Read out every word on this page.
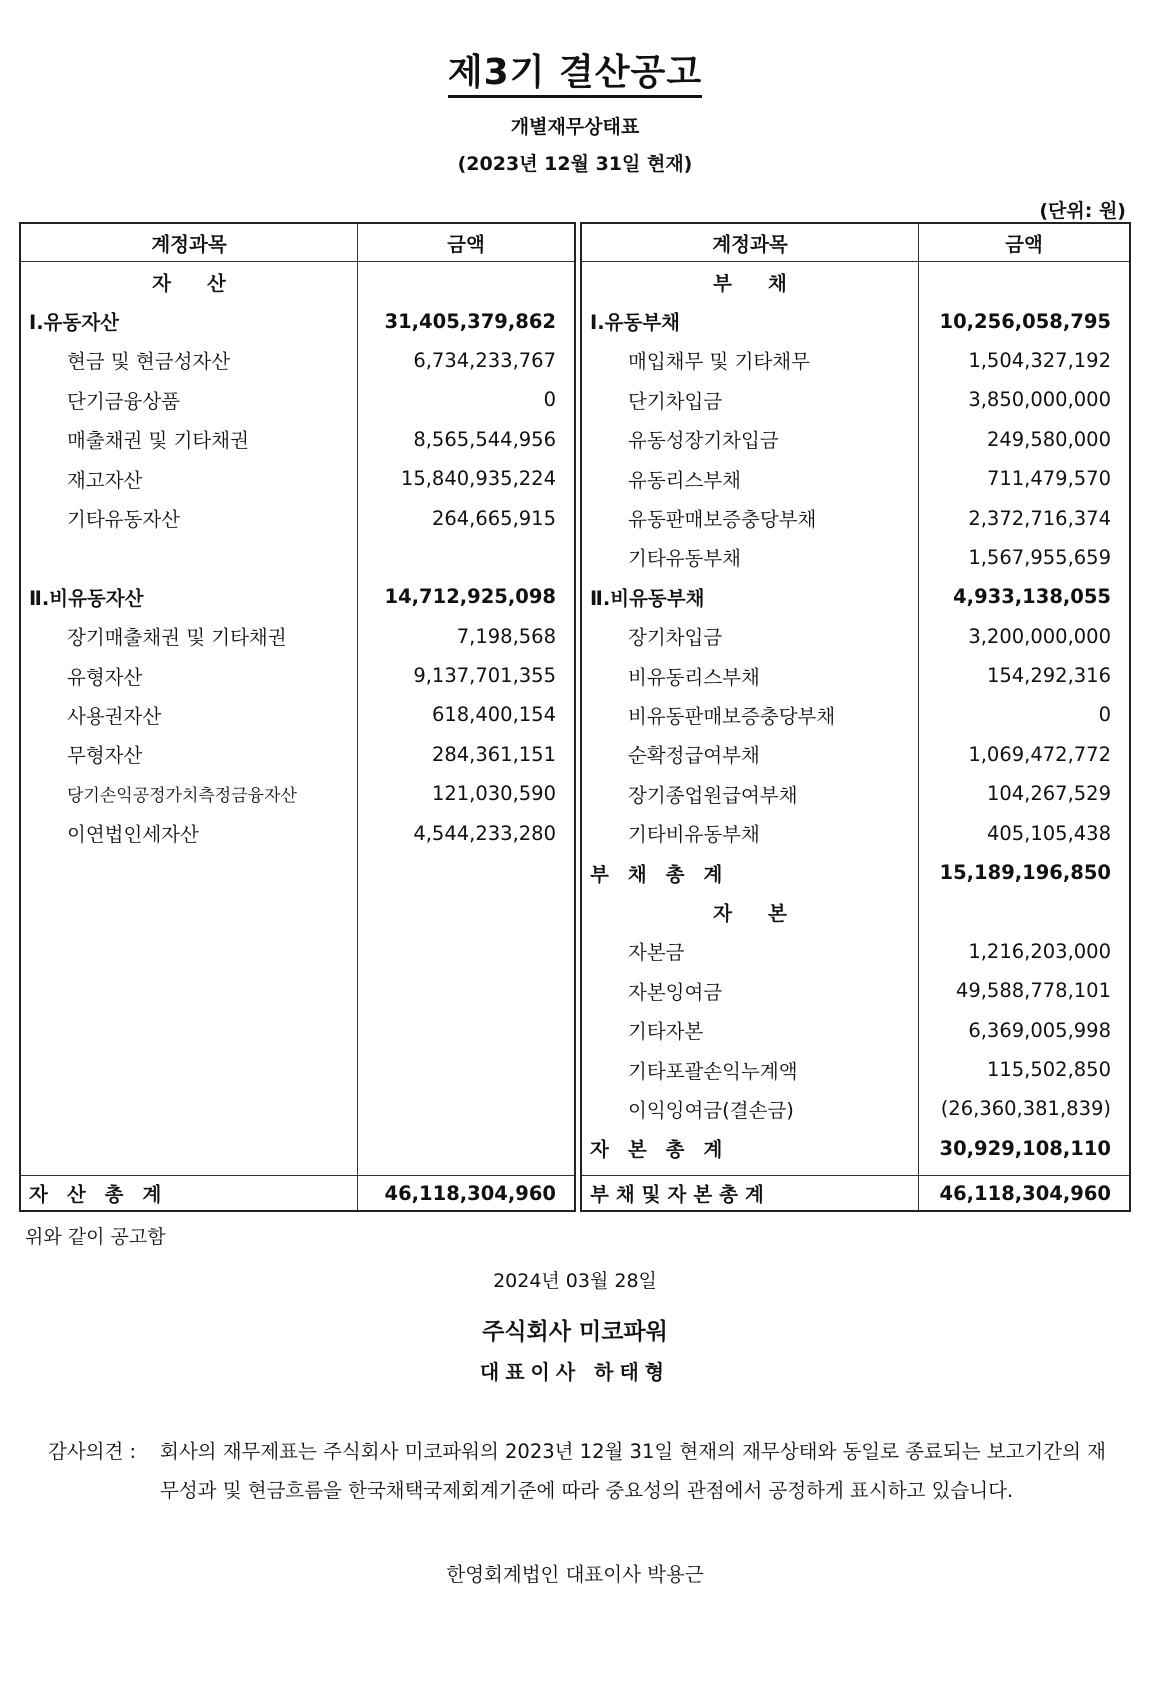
제3기 결산공고
개별재무상태표
(2023년 12월 31일 현재)
(단위: 원)
계정과목	금액
자산
Ⅰ.유동자산	31,405,379,862
현금 및 현금성자산	6,734,233,767
단기금융상품	0
매출채권 및 기타채권	8,565,544,956
재고자산	15,840,935,224
기타유동자산	264,665,915
Ⅱ.비유동자산	14,712,925,098
장기매출채권 및 기타채권	7,198,568
유형자산	9,137,701,355
사용권자산	618,400,154
무형자산	284,361,151
당기손익공정가치측정금융자산	121,030,590
이연법인세자산	4,544,233,280
자산총계	46,118,304,960
계정과목	금액
부채
Ⅰ.유동부채	10,256,058,795
매입채무 및 기타채무	1,504,327,192
단기차입금	3,850,000,000
유동성장기차입금	249,580,000
유동리스부채	711,479,570
유동판매보증충당부채	2,372,716,374
기타유동부채	1,567,955,659
Ⅱ.비유동부채	4,933,138,055
장기차입금	3,200,000,000
비유동리스부채	154,292,316
비유동판매보증충당부채	0
순확정급여부채	1,069,472,772
장기종업원급여부채	104,267,529
기타비유동부채	405,105,438
부채총계	15,189,196,850
자본
자본금	1,216,203,000
자본잉여금	49,588,778,101
기타자본	6,369,005,998
기타포괄손익누계액	115,502,850
이익잉여금(결손금)	(26,360,381,839)
자본총계	30,929,108,110
부채및자본총계	46,118,304,960
위와 같이 공고함
2024년 03월 28일
주식회사 미코파워
대표이사 하태형
감사의견 : 회사의 재무제표는 주식회사 미코파워의 2023년 12월 31일 현재의 재무상태와 동일로 종료되는 보고기간의 재무성과 및 현금흐름을 한국채택국제회계기준에 따라 중요성의 관점에서 공정하게 표시하고 있습니다.
한영회계법인 대표이사 박용근
